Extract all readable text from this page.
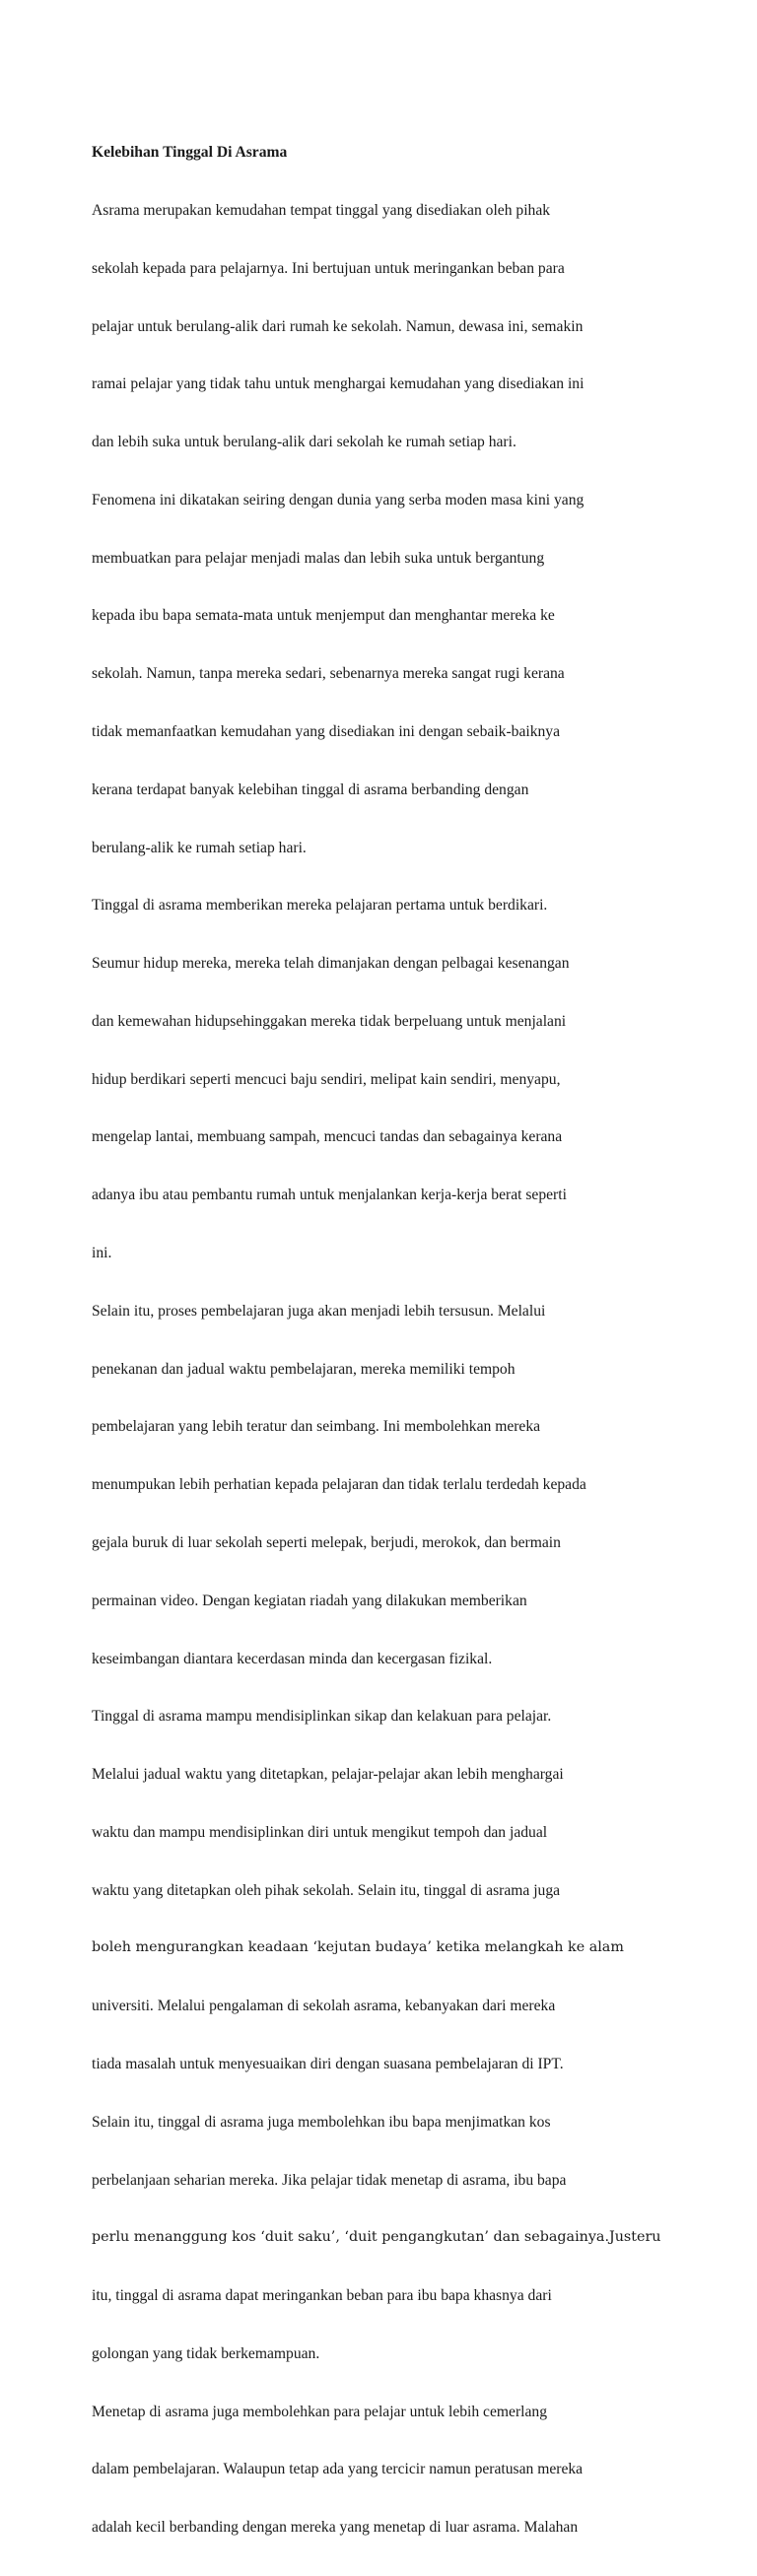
Kelebihan Tinggal Di Asrama

Asrama merupakan kemudahan tempat tinggal yang disediakan oleh pihak

sekolah kepada para pelajarnya. Ini bertujuan untuk meringankan beban para

pelajar untuk berulang-alik dari rumah ke sekolah. Namun, dewasa ini, semakin

ramai pelajar yang tidak tahu untuk menghargai kemudahan yang disediakan ini

dan lebih suka untuk berulang-alik dari sekolah ke rumah setiap hari.

Fenomena ini dikatakan seiring dengan dunia yang serba moden masa kini yang

membuatkan para pelajar menjadi malas dan lebih suka untuk bergantung

kepada ibu bapa semata-mata untuk menjemput dan menghantar mereka ke

sekolah. Namun, tanpa mereka sedari, sebenarnya mereka sangat rugi kerana

tidak memanfaatkan kemudahan yang disediakan ini dengan sebaik-baiknya

kerana terdapat banyak kelebihan tinggal di asrama berbanding dengan

berulang-alik ke rumah setiap hari.

Tinggal di asrama memberikan mereka pelajaran pertama untuk berdikari.

Seumur hidup mereka, mereka telah dimanjakan dengan pelbagai kesenangan

dan kemewahan hidupsehinggakan mereka tidak berpeluang untuk menjalani

hidup berdikari seperti mencuci baju sendiri, melipat kain sendiri, menyapu,

mengelap lantai, membuang sampah, mencuci tandas dan sebagainya kerana

adanya ibu atau pembantu rumah untuk menjalankan kerja-kerja berat seperti

ini.

Selain itu, proses pembelajaran juga akan menjadi lebih tersusun. Melalui

penekanan dan jadual waktu pembelajaran, mereka memiliki tempoh

pembelajaran yang lebih teratur dan seimbang. Ini membolehkan mereka

menumpukan lebih perhatian kepada pelajaran dan tidak terlalu terdedah kepada

gejala buruk di luar sekolah seperti melepak, berjudi, merokok, dan bermain

permainan video. Dengan kegiatan riadah yang dilakukan memberikan

keseimbangan diantara kecerdasan minda dan kecergasan fizikal.

Tinggal di asrama mampu mendisiplinkan sikap dan kelakuan para pelajar.

Melalui jadual waktu yang ditetapkan, pelajar-pelajar akan lebih menghargai

waktu dan mampu mendisiplinkan diri untuk mengikut tempoh dan jadual

waktu yang ditetapkan oleh pihak sekolah. Selain itu, tinggal di asrama juga

boleh mengurangkan keadaan ‘kejutan budaya’ ketika melangkah ke alam

universiti. Melalui pengalaman di sekolah asrama, kebanyakan dari mereka

tiada masalah untuk menyesuaikan diri dengan suasana pembelajaran di IPT.

Selain itu, tinggal di asrama juga membolehkan ibu bapa menjimatkan kos

perbelanjaan seharian mereka. Jika pelajar tidak menetap di asrama, ibu bapa

perlu menanggung kos ‘duit saku’, ‘duit pengangkutan’ dan sebagainya.Justeru

itu, tinggal di asrama dapat meringankan beban para ibu bapa khasnya dari

golongan yang tidak berkemampuan.

Menetap di asrama juga membolehkan para pelajar untuk lebih cemerlang

dalam pembelajaran. Walaupun tetap ada yang tercicir namun peratusan mereka

adalah kecil berbanding dengan mereka yang menetap di luar asrama. Malahan
